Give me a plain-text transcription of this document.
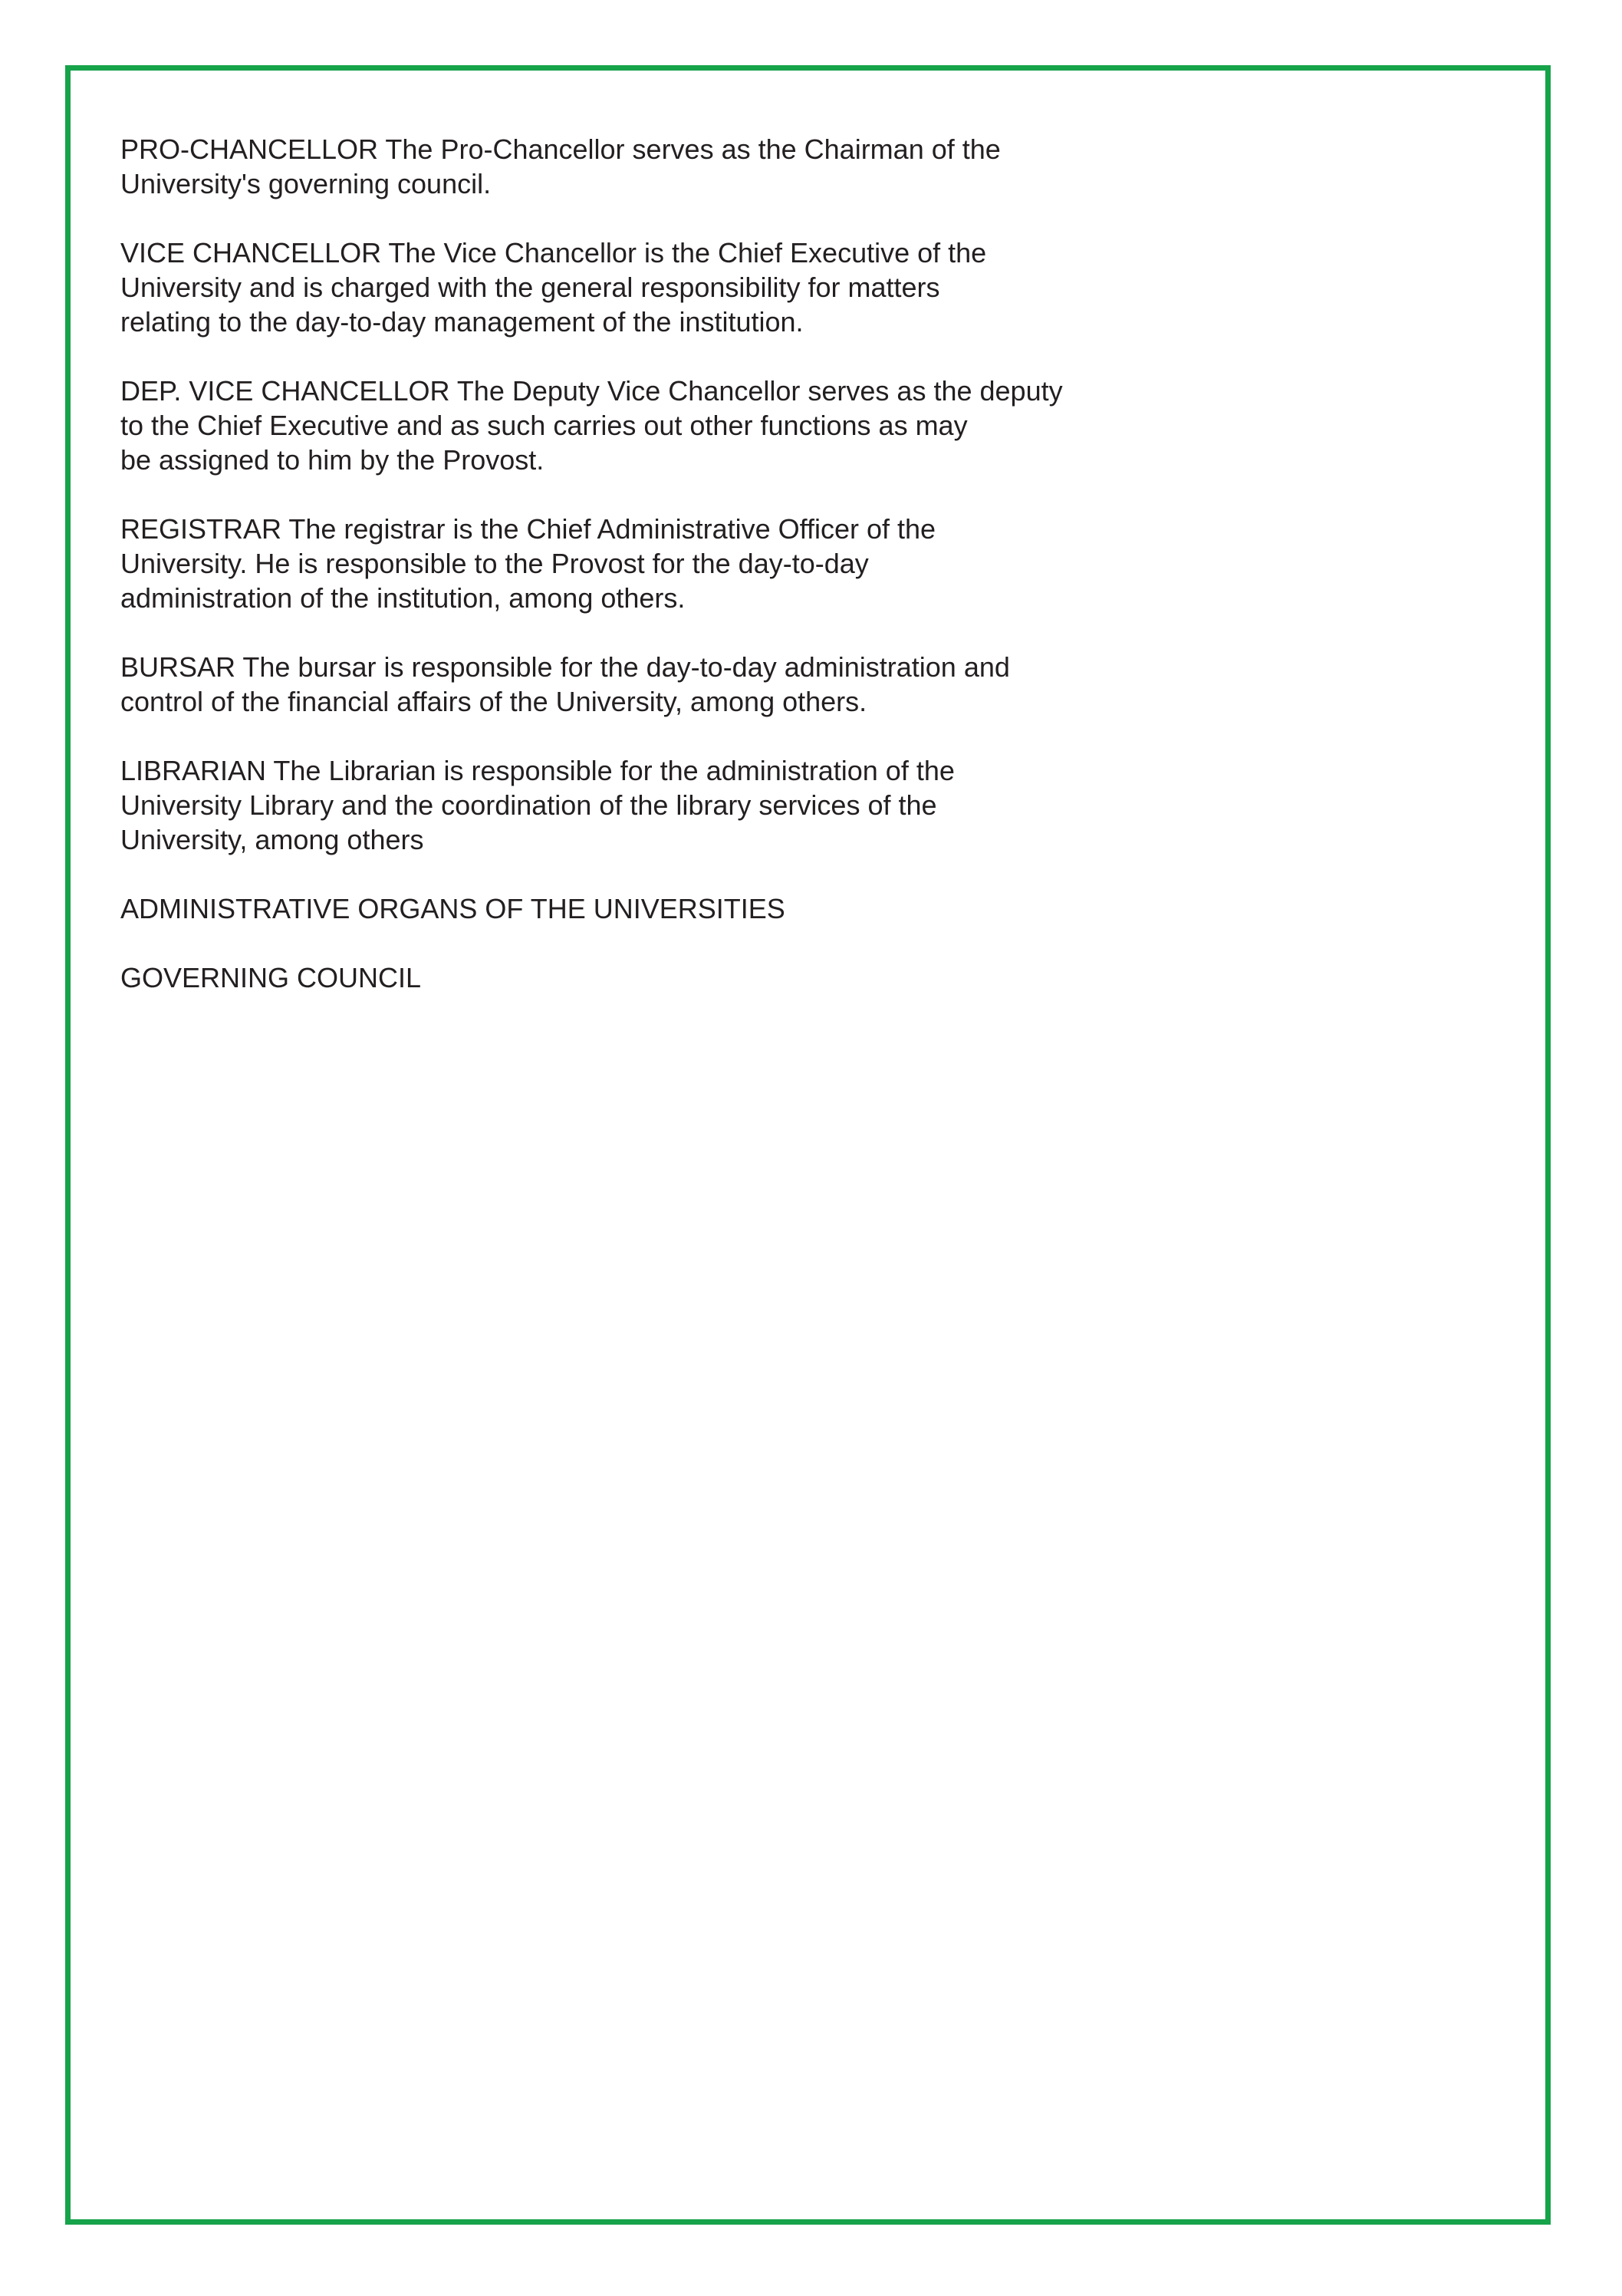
PRO-CHANCELLOR The Pro-Chancellor serves as the Chairman of the
University's governing council.

VICE CHANCELLOR The Vice Chancellor is the Chief Executive of the
University and is charged with the general responsibility for matters
relating to the day-to-day management of the institution.

DEP. VICE CHANCELLOR The Deputy Vice Chancellor serves as the deputy
to the Chief Executive and as such carries out other functions as may
be assigned to him by the Provost.

REGISTRAR The registrar is the Chief Administrative Officer of the
University. He is responsible to the Provost for the day-to-day
administration of the institution, among others.

BURSAR The bursar is responsible for the day-to-day administration and
control of the financial affairs of the University, among others.

LIBRARIAN The Librarian is responsible for the administration of the
University Library and the coordination of the library services of the
University, among others

ADMINISTRATIVE ORGANS OF THE UNIVERSITIES

GOVERNING COUNCIL
